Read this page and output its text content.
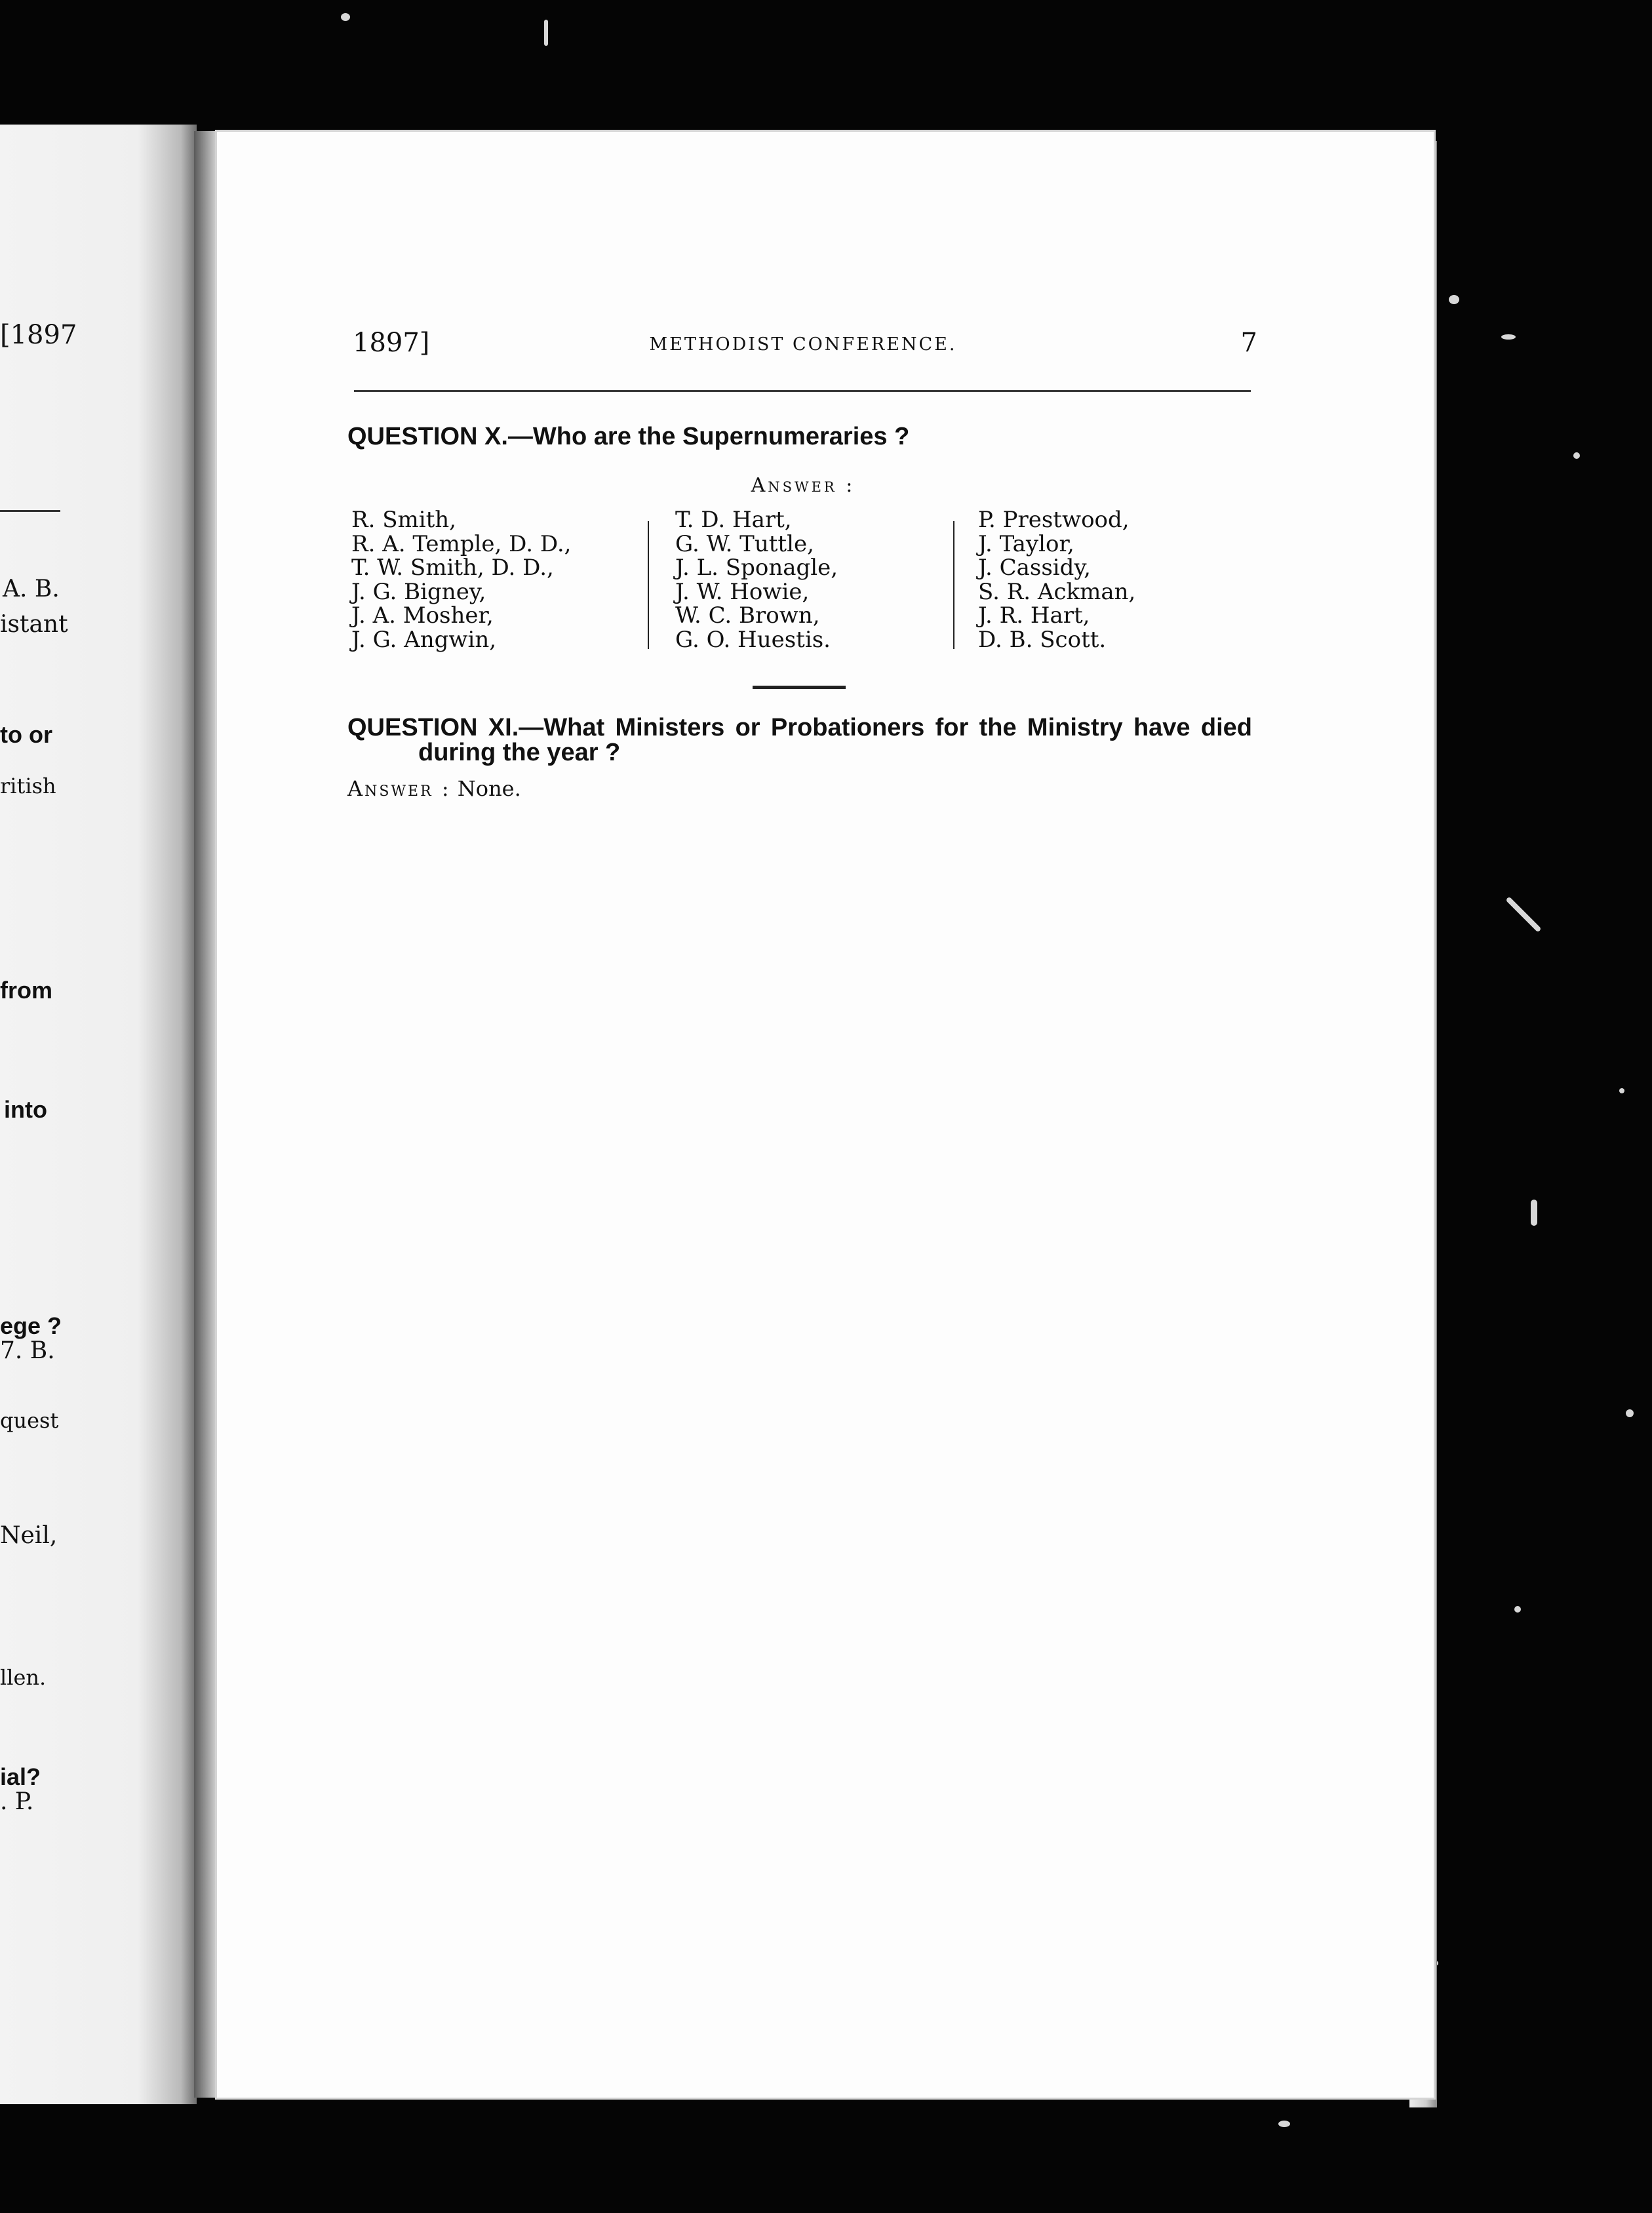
[1897
A. B.
istant
to or
ritish
from
into
ege ?
7. B.
quest
Neil,
llen.
ial?
. P.
1897]	METHODIST CONFERENCE.	7
QUESTION X.—Who are the Supernumeraries ?
Answer :
R. Smith,
R. A. Temple, D. D.,
T. W. Smith, D. D.,
J. G. Bigney,
J. A. Mosher,
J. G. Angwin,
T. D. Hart,
G. W. Tuttle,
J. L. Sponagle,
J. W. Howie,
W. C. Brown,
G. O. Huestis.
P. Prestwood,
J. Taylor,
J. Cassidy,
S. R. Ackman,
J. R. Hart,
D. B. Scott.
QUESTION XI.—What Ministers or Probationers for the Ministry have died
during the year ?
Answer : None.
